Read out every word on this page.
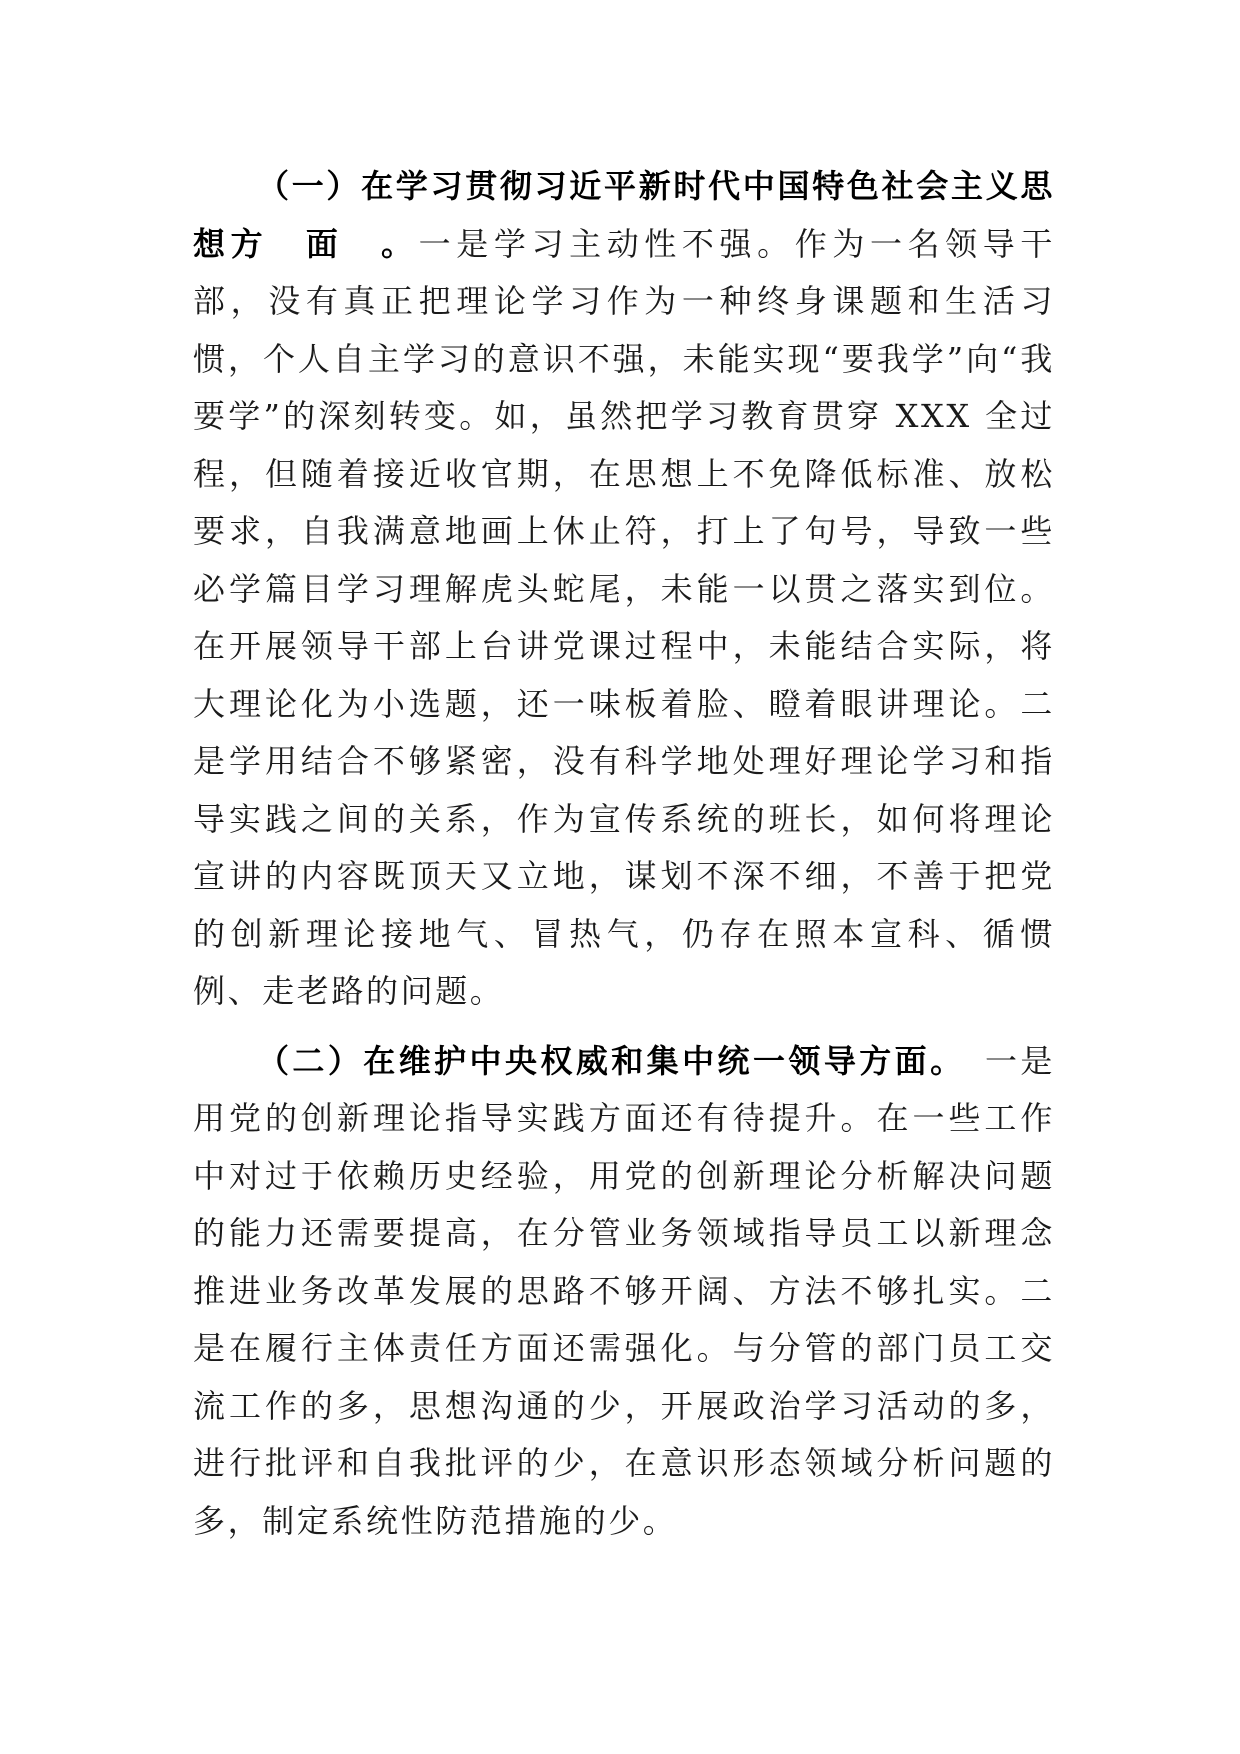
（一）在学习贯彻习近平新时代中国特色社会主义思想方　面　。一是学习主动性不强。作为一名领导干部，没有真正把理论学习作为一种终身课题和生活习惯，个人自主学习的意识不强，未能实现“要我学”向“我要学”的深刻转变。如，虽然把学习教育贯穿 XXX 全过程，但随着接近收官期，在思想上不免降低标准、放松要求，自我满意地画上休止符，打上了句号，导致一些必学篇目学习理解虎头蛇尾，未能一以贯之落实到位。在开展领导干部上台讲党课过程中，未能结合实际，将大理论化为小选题，还一味板着脸、瞪着眼讲理论。二是学用结合不够紧密，没有科学地处理好理论学习和指导实践之间的关系，作为宣传系统的班长，如何将理论宣讲的内容既顶天又立地，谋划不深不细，不善于把党的创新理论接地气、冒热气，仍存在照本宣科、循惯例、走老路的问题。

（二）在维护中央权威和集中统一领导方面。　一是用党的创新理论指导实践方面还有待提升。在一些工作中对过于依赖历史经验，用党的创新理论分析解决问题的能力还需要提高，在分管业务领域指导员工以新理念推进业务改革发展的思路不够开阔、方法不够扎实。二是在履行主体责任方面还需强化。与分管的部门员工交流工作的多，思想沟通的少，开展政治学习活动的多，进行批评和自我批评的少，在意识形态领域分析问题的多，制定系统性防范措施的少。
